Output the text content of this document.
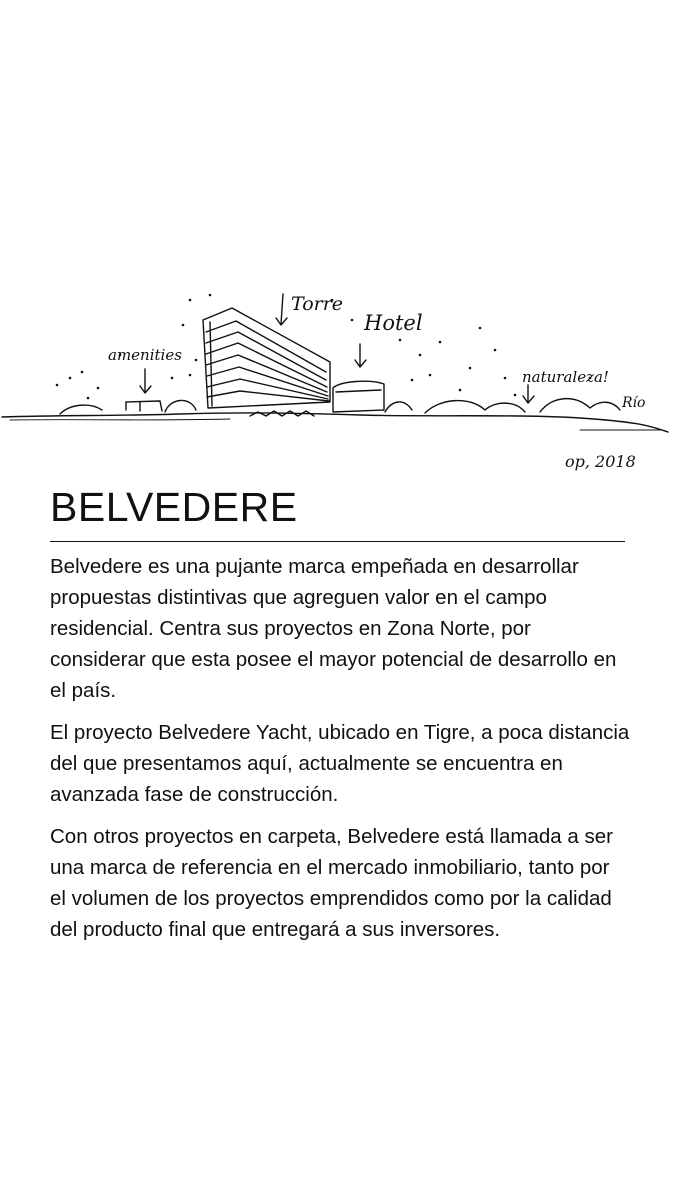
Torre
Hotel
amenities
naturaleza!
Río
op, 2018
BELVEDERE

Belvedere es una pujante marca empeñada en desarrollar propuestas distintivas que agreguen valor en el campo residencial. Centra sus proyectos en Zona Norte, por considerar que esta posee el mayor potencial de desarrollo en el país.

El proyecto Belvedere Yacht, ubicado en Tigre, a poca distancia del que presentamos aquí, actualmente se encuentra en avanzada fase de construcción.

Con otros proyectos en carpeta, Belvedere está llamada a ser una marca de referencia en el mercado inmobiliario, tanto por el volumen de los proyectos emprendidos como por la calidad del producto final que entregará a sus inversores.
